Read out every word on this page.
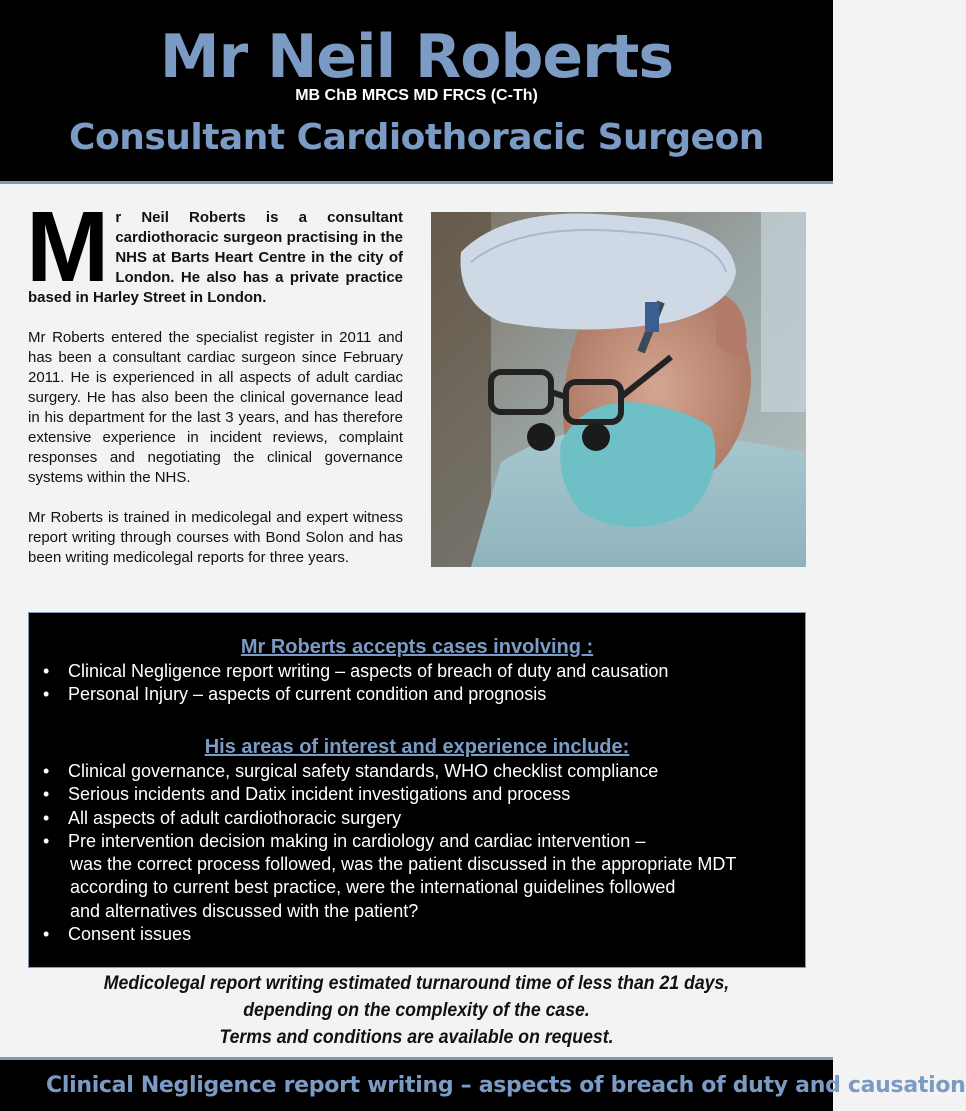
Mr Neil Roberts
MB ChB MRCS MD FRCS (C-Th)
Consultant Cardiothoracic Surgeon

M r Neil Roberts is a consultant cardiothoracic surgeon practising in the NHS at Barts Heart Centre in the city of London. He also has a private practice based in Harley Street in London.

Mr Roberts entered the specialist register in 2011 and has been a consultant cardiac surgeon since February 2011. He is experienced in all aspects of adult cardiac surgery. He has also been the clinical governance lead in his department for the last 3 years, and has therefore extensive experience in incident reviews, complaint responses and negotiating the clinical governance systems within the NHS.

Mr Roberts is trained in medicolegal and expert witness report writing through courses with Bond Solon and has been writing medicolegal reports for three years.

Mr Roberts accepts cases involving :
• Clinical Negligence report writing – aspects of breach of duty and causation
• Personal Injury – aspects of current condition and prognosis
His areas of interest and experience include:
• Clinical governance, surgical safety standards, WHO checklist compliance
• Serious incidents and Datix incident investigations and process
• All aspects of adult cardiothoracic surgery
• Pre intervention decision making in cardiology and cardiac intervention –
was the correct process followed, was the patient discussed in the appropriate MDT
according to current best practice, were the international guidelines followed
and alternatives discussed with the patient?
• Consent issues
Medicolegal report writing estimated turnaround time of less than 21 days,
depending on the complexity of the case.
Terms and conditions are available on request.
Clinical Negligence report writing – aspects of breach of duty and causation
